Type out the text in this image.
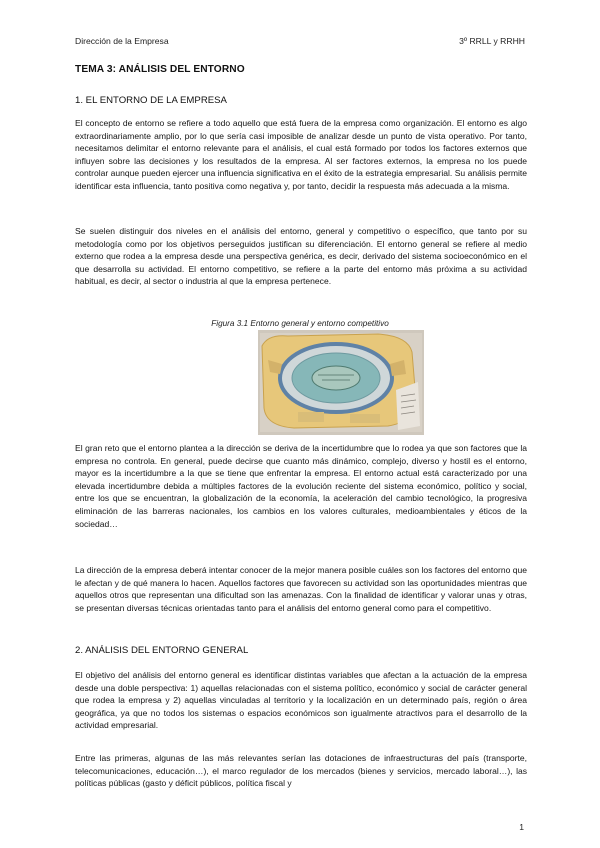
Dirección de la Empresa	3º RRLL y RRHH
TEMA 3: ANÁLISIS DEL ENTORNO
1. EL ENTORNO DE LA EMPRESA

El concepto de entorno se refiere a todo aquello que está fuera de la empresa como organización. El entorno es algo extraordinariamente amplio, por lo que sería casi imposible de analizar desde un punto de vista operativo. Por tanto, necesitamos delimitar el entorno relevante para el análisis, el cual está formado por todos los factores externos que influyen sobre las decisiones y los resultados de la empresa. Al ser factores externos, la empresa no los puede controlar aunque pueden ejercer una influencia significativa en el éxito de la estrategia empresarial. Su análisis permite identificar esta influencia, tanto positiva como negativa y, por tanto, decidir la respuesta más adecuada a la misma.

Se suelen distinguir dos niveles en el análisis del entorno, general y competitivo o específico, que tanto por su metodología como por los objetivos perseguidos justifican su diferenciación. El entorno general se refiere al medio externo que rodea a la empresa desde una perspectiva genérica, es decir, derivado del sistema socioeconómico en el que desarrolla su actividad. El entorno competitivo, se refiere a la parte del entorno más próxima a su actividad habitual, es decir, al sector o industria al que la empresa pertenece.

Figura 3.1 Entorno general y entorno competitivo

El gran reto que el entorno plantea a la dirección se deriva de la incertidumbre que lo rodea ya que son factores que la empresa no controla. En general, puede decirse que cuanto más dinámico, complejo, diverso y hostil es el entorno, mayor es la incertidumbre a la que se tiene que enfrentar la empresa. El entorno actual está caracterizado por una elevada incertidumbre debida a múltiples factores de la evolución reciente del sistema económico, político y social, entre los que se encuentran, la globalización de la economía, la aceleración del cambio tecnológico, la progresiva eliminación de las barreras nacionales, los cambios en los valores culturales, medioambientales y éticos de la sociedad…

La dirección de la empresa deberá intentar conocer de la mejor manera posible cuáles son los factores del entorno que le afectan y de qué manera lo hacen. Aquellos factores que favorecen su actividad son las oportunidades mientras que aquellos otros que representan una dificultad son las amenazas. Con la finalidad de identificar y valorar unas y otras, se presentan diversas técnicas orientadas tanto para el análisis del entorno general como para el competitivo.

2. ANÁLISIS DEL ENTORNO GENERAL

El objetivo del análisis del entorno general es identificar distintas variables que afectan a la actuación de la empresa desde una doble perspectiva: 1) aquellas relacionadas con el sistema político, económico y social de carácter general que rodea la empresa y 2) aquellas vinculadas al territorio y la localización en un determinado país, región o área geográfica, ya que no todos los sistemas o espacios económicos son igualmente atractivos para el desarrollo de la actividad empresarial.

Entre las primeras, algunas de las más relevantes serían las dotaciones de infraestructuras del país (transporte, telecomunicaciones, educación…), el marco regulador de los mercados (bienes y servicios, mercado laboral…), las políticas públicas (gasto y déficit públicos, política fiscal y

1
